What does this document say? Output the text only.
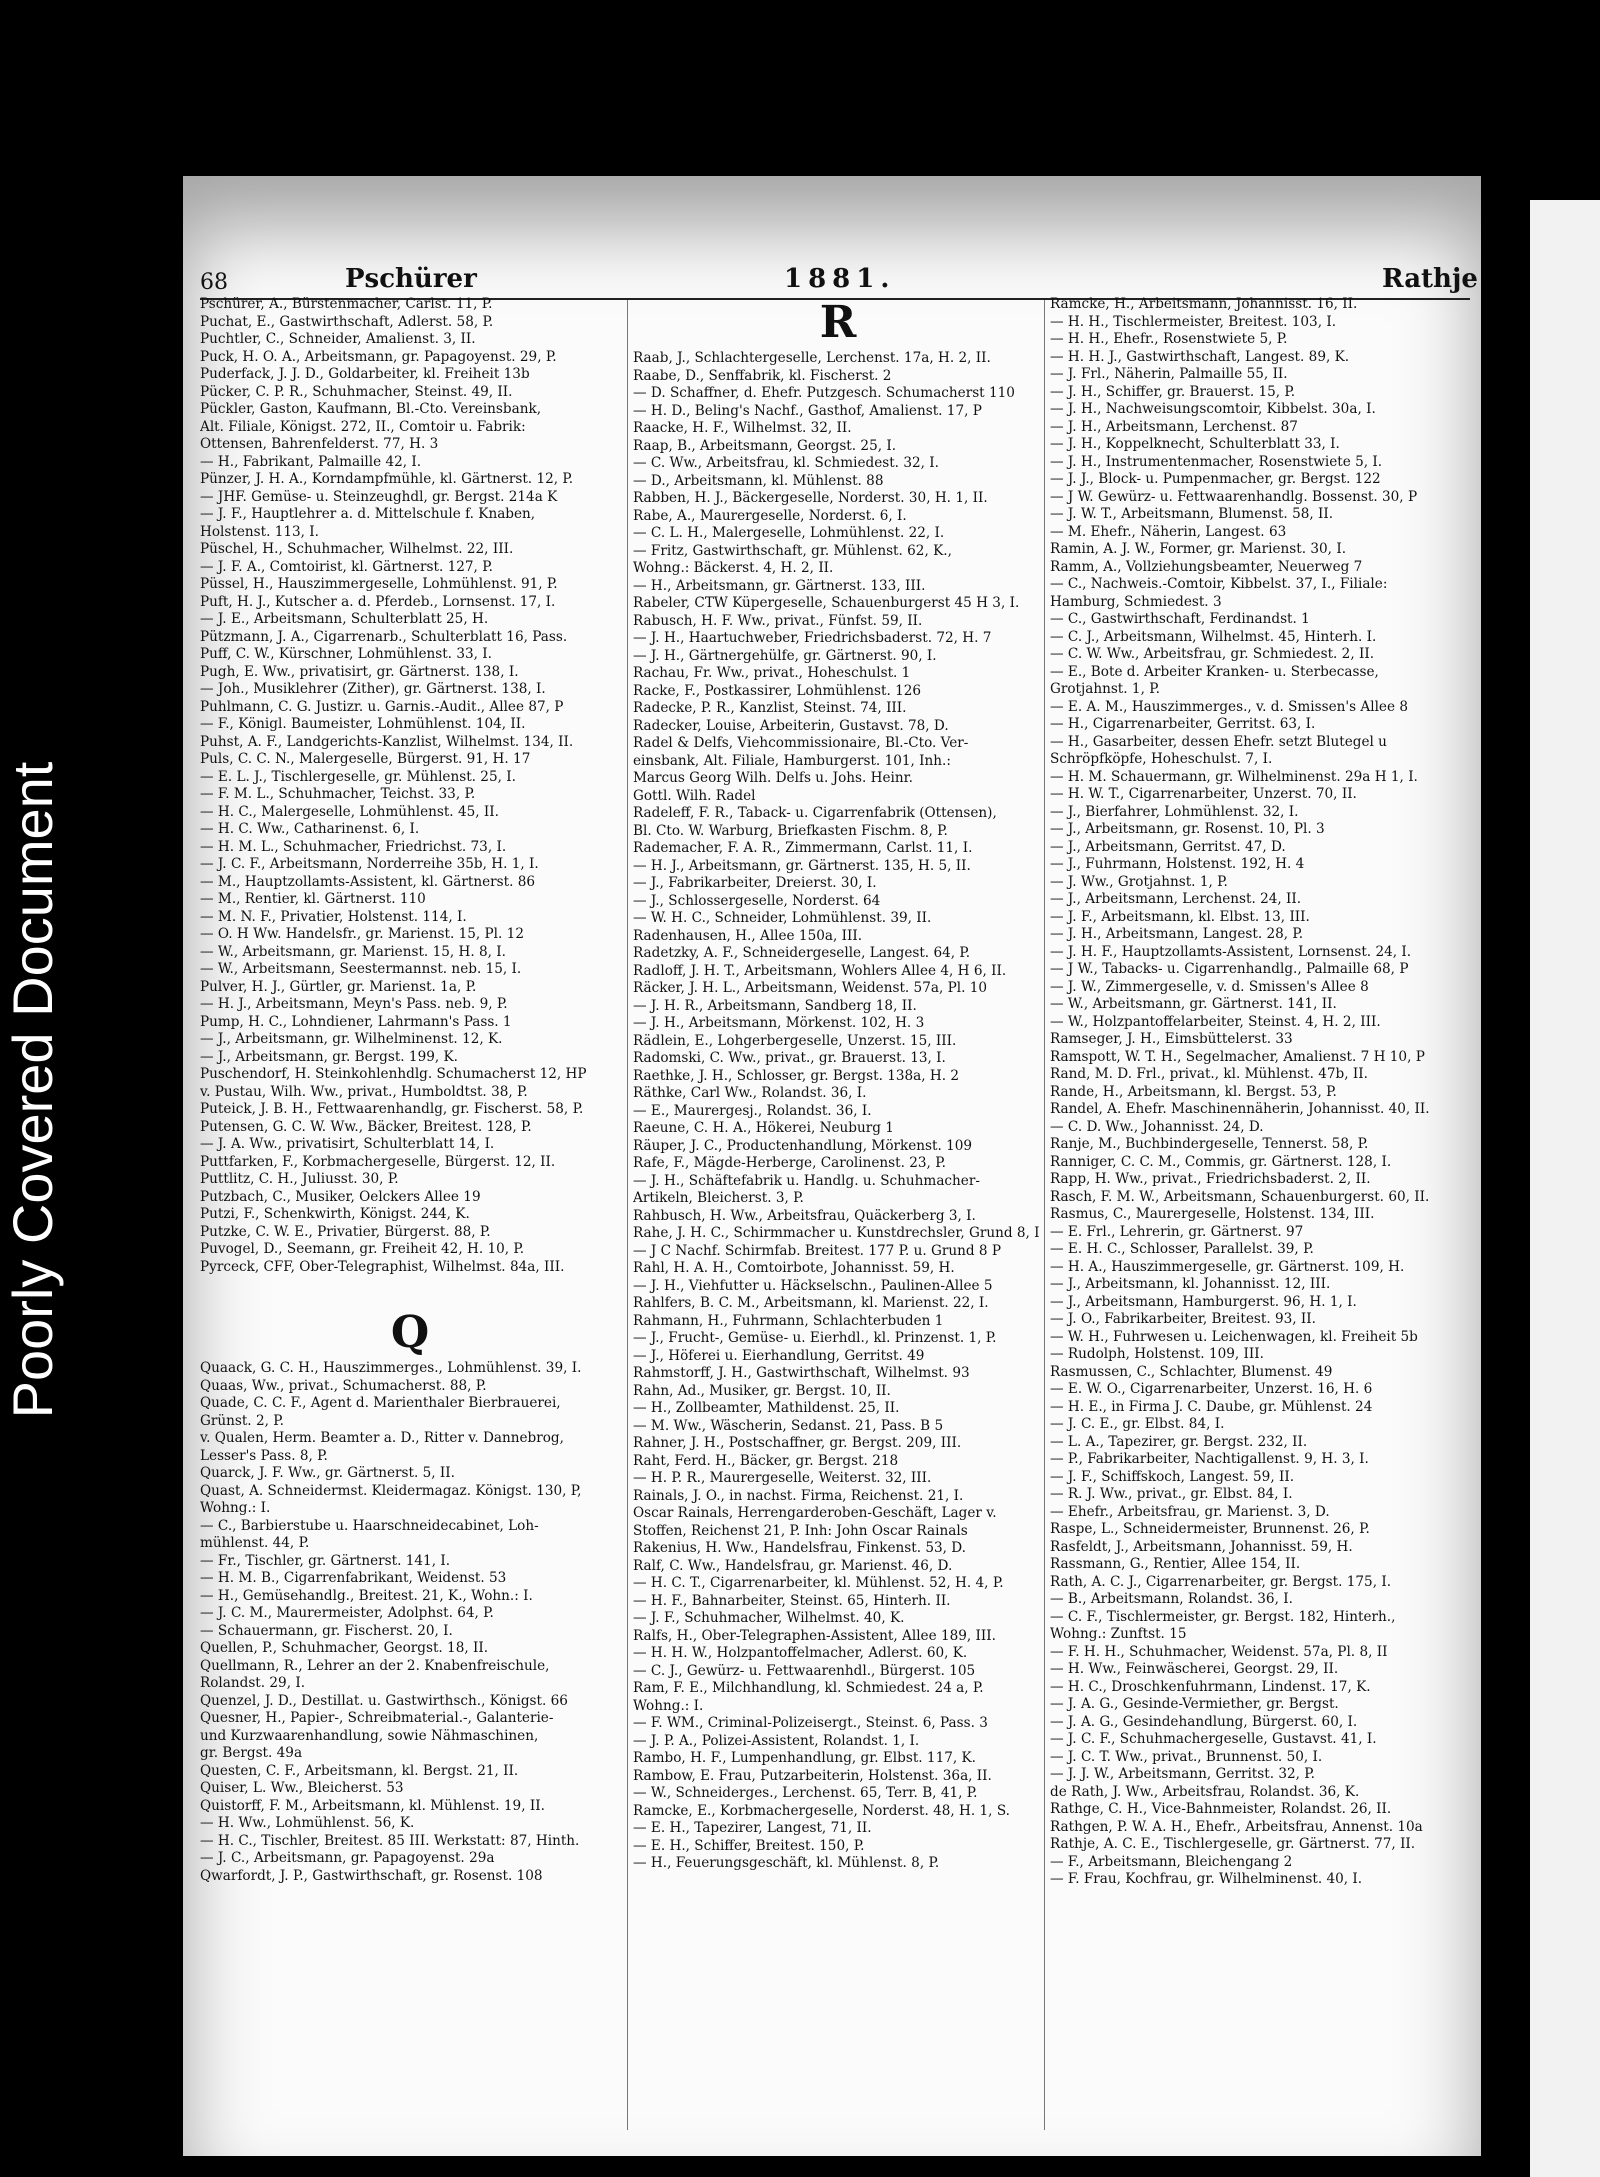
Poorly Covered Document
68	Pschürer	1881.	Rathje
Pschürer, A., Bürstenmacher, Carlst. 11, P.
Puchat, E., Gastwirthschaft, Adlerst. 58, P.
Puchtler, C., Schneider, Amalienst. 3, II.
Puck, H. O. A., Arbeitsmann, gr. Papagoyenst. 29, P.
Puderfack, J. J. D., Goldarbeiter, kl. Freiheit 13b
Pücker, C. P. R., Schuhmacher, Steinst. 49, II.
Pückler, Gaston, Kaufmann, Bl.-Cto. Vereinsbank,
Alt. Filiale, Königst. 272, II., Comtoir u. Fabrik:
Ottensen, Bahrenfelderst. 77, H. 3
— H., Fabrikant, Palmaille 42, I.
Pünzer, J. H. A., Korndampfmühle, kl. Gärtnerst. 12, P.
— JHF. Gemüse- u. Steinzeughdl, gr. Bergst. 214a K
— J. F., Hauptlehrer a. d. Mittelschule f. Knaben,
Holstenst. 113, I.
Püschel, H., Schuhmacher, Wilhelmst. 22, III.
— J. F. A., Comtoirist, kl. Gärtnerst. 127, P.
Püssel, H., Hauszimmergeselle, Lohmühlenst. 91, P.
Puft, H. J., Kutscher a. d. Pferdeb., Lornsenst. 17, I.
— J. E., Arbeitsmann, Schulterblatt 25, H.
Pützmann, J. A., Cigarrenarb., Schulterblatt 16, Pass.
Puff, C. W., Kürschner, Lohmühlenst. 33, I.
Pugh, E. Ww., privatisirt, gr. Gärtnerst. 138, I.
— Joh., Musiklehrer (Zither), gr. Gärtnerst. 138, I.
Puhlmann, C. G. Justizr. u. Garnis.-Audit., Allee 87, P
— F., Königl. Baumeister, Lohmühlenst. 104, II.
Puhst, A. F., Landgerichts-Kanzlist, Wilhelmst. 134, II.
Puls, C. C. N., Malergeselle, Bürgerst. 91, H. 17
— E. L. J., Tischlergeselle, gr. Mühlenst. 25, I.
— F. M. L., Schuhmacher, Teichst. 33, P.
— H. C., Malergeselle, Lohmühlenst. 45, II.
— H. C. Ww., Catharinenst. 6, I.
— H. M. L., Schuhmacher, Friedrichst. 73, I.
— J. C. F., Arbeitsmann, Norderreihe 35b, H. 1, I.
— M., Hauptzollamts-Assistent, kl. Gärtnerst. 86
— M., Rentier, kl. Gärtnerst. 110
— M. N. F., Privatier, Holstenst. 114, I.
— O. H Ww. Handelsfr., gr. Marienst. 15, Pl. 12
— W., Arbeitsmann, gr. Marienst. 15, H. 8, I.
— W., Arbeitsmann, Seestermannst. neb. 15, I.
Pulver, H. J., Gürtler, gr. Marienst. 1a, P.
— H. J., Arbeitsmann, Meyn's Pass. neb. 9, P.
Pump, H. C., Lohndiener, Lahrmann's Pass. 1
— J., Arbeitsmann, gr. Wilhelminenst. 12, K.
— J., Arbeitsmann, gr. Bergst. 199, K.
Puschendorf, H. Steinkohlenhdlg. Schumacherst 12, HP
v. Pustau, Wilh. Ww., privat., Humboldtst. 38, P.
Puteick, J. B. H., Fettwaarenhandlg, gr. Fischerst. 58, P.
Putensen, G. C. W. Ww., Bäcker, Breitest. 128, P.
— J. A. Ww., privatisirt, Schulterblatt 14, I.
Puttfarken, F., Korbmachergeselle, Bürgerst. 12, II.
Puttlitz, C. H., Juliusst. 30, P.
Putzbach, C., Musiker, Oelckers Allee 19
Putzi, F., Schenkwirth, Königst. 244, K.
Putzke, C. W. E., Privatier, Bürgerst. 88, P.
Puvogel, D., Seemann, gr. Freiheit 42, H. 10, P.
Pyrceck, CFF, Ober-Telegraphist, Wilhelmst. 84a, III.
Q
Quaack, G. C. H., Hauszimmerges., Lohmühlenst. 39, I.
Quaas, Ww., privat., Schumacherst. 88, P.
Quade, C. C. F., Agent d. Marienthaler Bierbrauerei,
Grünst. 2, P.
v. Qualen, Herm. Beamter a. D., Ritter v. Dannebrog,
Lesser's Pass. 8, P.
Quarck, J. F. Ww., gr. Gärtnerst. 5, II.
Quast, A. Schneidermst. Kleidermagaz. Königst. 130, P,
Wohng.: I.
— C., Barbierstube u. Haarschneidecabinet, Loh-
mühlenst. 44, P.
— Fr., Tischler, gr. Gärtnerst. 141, I.
— H. M. B., Cigarrenfabrikant, Weidenst. 53
— H., Gemüsehandlg., Breitest. 21, K., Wohn.: I.
— J. C. M., Maurermeister, Adolphst. 64, P.
— Schauermann, gr. Fischerst. 20, I.
Quellen, P., Schuhmacher, Georgst. 18, II.
Quellmann, R., Lehrer an der 2. Knabenfreischule,
Rolandst. 29, I.
Quenzel, J. D., Destillat. u. Gastwirthsch., Königst. 66
Quesner, H., Papier-, Schreibmaterial.-, Galanterie-
und Kurzwaarenhandlung, sowie Nähmaschinen,
gr. Bergst. 49a
Questen, C. F., Arbeitsmann, kl. Bergst. 21, II.
Quiser, L. Ww., Bleicherst. 53
Quistorff, F. M., Arbeitsmann, kl. Mühlenst. 19, II.
— H. Ww., Lohmühlenst. 56, K.
— H. C., Tischler, Breitest. 85 III. Werkstatt: 87, Hinth.
— J. C., Arbeitsmann, gr. Papagoyenst. 29a
Qwarfordt, J. P., Gastwirthschaft, gr. Rosenst. 108
R
Raab, J., Schlachtergeselle, Lerchenst. 17a, H. 2, II.
Raabe, D., Senffabrik, kl. Fischerst. 2
— D. Schaffner, d. Ehefr. Putzgesch. Schumacherst 110
— H. D., Beling's Nachf., Gasthof, Amalienst. 17, P
Raacke, H. F., Wilhelmst. 32, II.
Raap, B., Arbeitsmann, Georgst. 25, I.
— C. Ww., Arbeitsfrau, kl. Schmiedest. 32, I.
— D., Arbeitsmann, kl. Mühlenst. 88
Rabben, H. J., Bäckergeselle, Norderst. 30, H. 1, II.
Rabe, A., Maurergeselle, Norderst. 6, I.
— C. L. H., Malergeselle, Lohmühlenst. 22, I.
— Fritz, Gastwirthschaft, gr. Mühlenst. 62, K.,
Wohng.: Bäckerst. 4, H. 2, II.
— H., Arbeitsmann, gr. Gärtnerst. 133, III.
Rabeler, CTW Küpergeselle, Schauenburgerst 45 H 3, I.
Rabusch, H. F. Ww., privat., Fünfst. 59, II.
— J. H., Haartuchweber, Friedrichsbaderst. 72, H. 7
— J. H., Gärtnergehülfe, gr. Gärtnerst. 90, I.
Rachau, Fr. Ww., privat., Hoheschulst. 1
Racke, F., Postkassirer, Lohmühlenst. 126
Radecke, P. R., Kanzlist, Steinst. 74, III.
Radecker, Louise, Arbeiterin, Gustavst. 78, D.
Radel & Delfs, Viehcommissionaire, Bl.-Cto. Ver-
einsbank, Alt. Filiale, Hamburgerst. 101, Inh.:
Marcus Georg Wilh. Delfs u. Johs. Heinr.
Gottl. Wilh. Radel
Radeleff, F. R., Taback- u. Cigarrenfabrik (Ottensen),
Bl. Cto. W. Warburg, Briefkasten Fischm. 8, P.
Rademacher, F. A. R., Zimmermann, Carlst. 11, I.
— H. J., Arbeitsmann, gr. Gärtnerst. 135, H. 5, II.
— J., Fabrikarbeiter, Dreierst. 30, I.
— J., Schlossergeselle, Norderst. 64
— W. H. C., Schneider, Lohmühlenst. 39, II.
Radenhausen, H., Allee 150a, III.
Radetzky, A. F., Schneidergeselle, Langest. 64, P.
Radloff, J. H. T., Arbeitsmann, Wohlers Allee 4, H 6, II.
Räcker, J. H. L., Arbeitsmann, Weidenst. 57a, Pl. 10
— J. H. R., Arbeitsmann, Sandberg 18, II.
— J. H., Arbeitsmann, Mörkenst. 102, H. 3
Rädlein, E., Lohgerbergeselle, Unzerst. 15, III.
Radomski, C. Ww., privat., gr. Brauerst. 13, I.
Raethke, J. H., Schlosser, gr. Bergst. 138a, H. 2
Räthke, Carl Ww., Rolandst. 36, I.
— E., Maurergesj., Rolandst. 36, I.
Raeune, C. H. A., Hökerei, Neuburg 1
Räuper, J. C., Productenhandlung, Mörkenst. 109
Rafe, F., Mägde-Herberge, Carolinenst. 23, P.
— J. H., Schäftefabrik u. Handlg. u. Schuhmacher-
Artikeln, Bleicherst. 3, P.
Rahbusch, H. Ww., Arbeitsfrau, Quäckerberg 3, I.
Rahe, J. H. C., Schirmmacher u. Kunstdrechsler, Grund 8, I
— J C Nachf. Schirmfab. Breitest. 177 P. u. Grund 8 P
Rahl, H. A. H., Comtoirbote, Johannisst. 59, H.
— J. H., Viehfutter u. Häckselschn., Paulinen-Allee 5
Rahlfers, B. C. M., Arbeitsmann, kl. Marienst. 22, I.
Rahmann, H., Fuhrmann, Schlachterbuden 1
— J., Frucht-, Gemüse- u. Eierhdl., kl. Prinzenst. 1, P.
— J., Höferei u. Eierhandlung, Gerritst. 49
Rahmstorff, J. H., Gastwirthschaft, Wilhelmst. 93
Rahn, Ad., Musiker, gr. Bergst. 10, II.
— H., Zollbeamter, Mathildenst. 25, II.
— M. Ww., Wäscherin, Sedanst. 21, Pass. B 5
Rahner, J. H., Postschaffner, gr. Bergst. 209, III.
Raht, Ferd. H., Bäcker, gr. Bergst. 218
— H. P. R., Maurergeselle, Weiterst. 32, III.
Rainals, J. O., in nachst. Firma, Reichenst. 21, I.
Oscar Rainals, Herrengarderoben-Geschäft, Lager v.
Stoffen, Reichenst 21, P. Inh: John Oscar Rainals
Rakenius, H. Ww., Handelsfrau, Finkenst. 53, D.
Ralf, C. Ww., Handelsfrau, gr. Marienst. 46, D.
— H. C. T., Cigarrenarbeiter, kl. Mühlenst. 52, H. 4, P.
— H. F., Bahnarbeiter, Steinst. 65, Hinterh. II.
— J. F., Schuhmacher, Wilhelmst. 40, K.
Ralfs, H., Ober-Telegraphen-Assistent, Allee 189, III.
— H. H. W., Holzpantoffelmacher, Adlerst. 60, K.
— C. J., Gewürz- u. Fettwaarenhdl., Bürgerst. 105
Ram, F. E., Milchhandlung, kl. Schmiedest. 24 a, P.
Wohng.: I.
— F. WM., Criminal-Polizeisergt., Steinst. 6, Pass. 3
— J. P. A., Polizei-Assistent, Rolandst. 1, I.
Rambo, H. F., Lumpenhandlung, gr. Elbst. 117, K.
Rambow, E. Frau, Putzarbeiterin, Holstenst. 36a, II.
— W., Schneiderges., Lerchenst. 65, Terr. B, 41, P.
Ramcke, E., Korbmachergeselle, Norderst. 48, H. 1, S.
— E. H., Tapezirer, Langest, 71, II.
— E. H., Schiffer, Breitest. 150, P.
— H., Feuerungsgeschäft, kl. Mühlenst. 8, P.
Ramcke, H., Arbeitsmann, Johannisst. 16, II.
— H. H., Tischlermeister, Breitest. 103, I.
— H. H., Ehefr., Rosenstwiete 5, P.
— H. H. J., Gastwirthschaft, Langest. 89, K.
— J. Frl., Näherin, Palmaille 55, II.
— J. H., Schiffer, gr. Brauerst. 15, P.
— J. H., Nachweisungscomtoir, Kibbelst. 30a, I.
— J. H., Arbeitsmann, Lerchenst. 87
— J. H., Koppelknecht, Schulterblatt 33, I.
— J. H., Instrumentenmacher, Rosenstwiete 5, I.
— J. J., Block- u. Pumpenmacher, gr. Bergst. 122
— J W. Gewürz- u. Fettwaarenhandlg. Bossenst. 30, P
— J. W. T., Arbeitsmann, Blumenst. 58, II.
— M. Ehefr., Näherin, Langest. 63
Ramin, A. J. W., Former, gr. Marienst. 30, I.
Ramm, A., Vollziehungsbeamter, Neuerweg 7
— C., Nachweis.-Comtoir, Kibbelst. 37, I., Filiale:
Hamburg, Schmiedest. 3
— C., Gastwirthschaft, Ferdinandst. 1
— C. J., Arbeitsmann, Wilhelmst. 45, Hinterh. I.
— C. W. Ww., Arbeitsfrau, gr. Schmiedest. 2, II.
— E., Bote d. Arbeiter Kranken- u. Sterbecasse,
Grotjahnst. 1, P.
— E. A. M., Hauszimmerges., v. d. Smissen's Allee 8
— H., Cigarrenarbeiter, Gerritst. 63, I.
— H., Gasarbeiter, dessen Ehefr. setzt Blutegel u
Schröpfköpfe, Hoheschulst. 7, I.
— H. M. Schauermann, gr. Wilhelminenst. 29a H 1, I.
— H. W. T., Cigarrenarbeiter, Unzerst. 70, II.
— J., Bierfahrer, Lohmühlenst. 32, I.
— J., Arbeitsmann, gr. Rosenst. 10, Pl. 3
— J., Arbeitsmann, Gerritst. 47, D.
— J., Fuhrmann, Holstenst. 192, H. 4
— J. Ww., Grotjahnst. 1, P.
— J., Arbeitsmann, Lerchenst. 24, II.
— J. F., Arbeitsmann, kl. Elbst. 13, III.
— J. H., Arbeitsmann, Langest. 28, P.
— J. H. F., Hauptzollamts-Assistent, Lornsenst. 24, I.
— J W., Tabacks- u. Cigarrenhandlg., Palmaille 68, P
— J. W., Zimmergeselle, v. d. Smissen's Allee 8
— W., Arbeitsmann, gr. Gärtnerst. 141, II.
— W., Holzpantoffelarbeiter, Steinst. 4, H. 2, III.
Ramseger, J. H., Eimsbüttelerst. 33
Ramspott, W. T. H., Segelmacher, Amalienst. 7 H 10, P
Rand, M. D. Frl., privat., kl. Mühlenst. 47b, II.
Rande, H., Arbeitsmann, kl. Bergst. 53, P.
Randel, A. Ehefr. Maschinennäherin, Johannisst. 40, II.
— C. D. Ww., Johannisst. 24, D.
Ranje, M., Buchbindergeselle, Tennerst. 58, P.
Ranniger, C. C. M., Commis, gr. Gärtnerst. 128, I.
Rapp, H. Ww., privat., Friedrichsbaderst. 2, II.
Rasch, F. M. W., Arbeitsmann, Schauenburgerst. 60, II.
Rasmus, C., Maurergeselle, Holstenst. 134, III.
— E. Frl., Lehrerin, gr. Gärtnerst. 97
— E. H. C., Schlosser, Parallelst. 39, P.
— H. A., Hauszimmergeselle, gr. Gärtnerst. 109, H.
— J., Arbeitsmann, kl. Johannisst. 12, III.
— J., Arbeitsmann, Hamburgerst. 96, H. 1, I.
— J. O., Fabrikarbeiter, Breitest. 93, II.
— W. H., Fuhrwesen u. Leichenwagen, kl. Freiheit 5b
— Rudolph, Holstenst. 109, III.
Rasmussen, C., Schlachter, Blumenst. 49
— E. W. O., Cigarrenarbeiter, Unzerst. 16, H. 6
— H. E., in Firma J. C. Daube, gr. Mühlenst. 24
— J. C. E., gr. Elbst. 84, I.
— L. A., Tapezirer, gr. Bergst. 232, II.
— P., Fabrikarbeiter, Nachtigallenst. 9, H. 3, I.
— J. F., Schiffskoch, Langest. 59, II.
— R. J. Ww., privat., gr. Elbst. 84, I.
— Ehefr., Arbeitsfrau, gr. Marienst. 3, D.
Raspe, L., Schneidermeister, Brunnenst. 26, P.
Rasfeldt, J., Arbeitsmann, Johannisst. 59, H.
Rassmann, G., Rentier, Allee 154, II.
Rath, A. C. J., Cigarrenarbeiter, gr. Bergst. 175, I.
— B., Arbeitsmann, Rolandst. 36, I.
— C. F., Tischlermeister, gr. Bergst. 182, Hinterh.,
Wohng.: Zunftst. 15
— F. H. H., Schuhmacher, Weidenst. 57a, Pl. 8, II
— H. Ww., Feinwäscherei, Georgst. 29, II.
— H. C., Droschkenfuhrmann, Lindenst. 17, K.
— J. A. G., Gesinde-Vermiether, gr. Bergst.
— J. A. G., Gesindehandlung, Bürgerst. 60, I.
— J. C. F., Schuhmachergeselle, Gustavst. 41, I.
— J. C. T. Ww., privat., Brunnenst. 50, I.
— J. J. W., Arbeitsmann, Gerritst. 32, P.
de Rath, J. Ww., Arbeitsfrau, Rolandst. 36, K.
Rathge, C. H., Vice-Bahnmeister, Rolandst. 26, II.
Rathgen, P. W. A. H., Ehefr., Arbeitsfrau, Annenst. 10a
Rathje, A. C. E., Tischlergeselle, gr. Gärtnerst. 77, II.
— F., Arbeitsmann, Bleichengang 2
— F. Frau, Kochfrau, gr. Wilhelminenst. 40, I.
